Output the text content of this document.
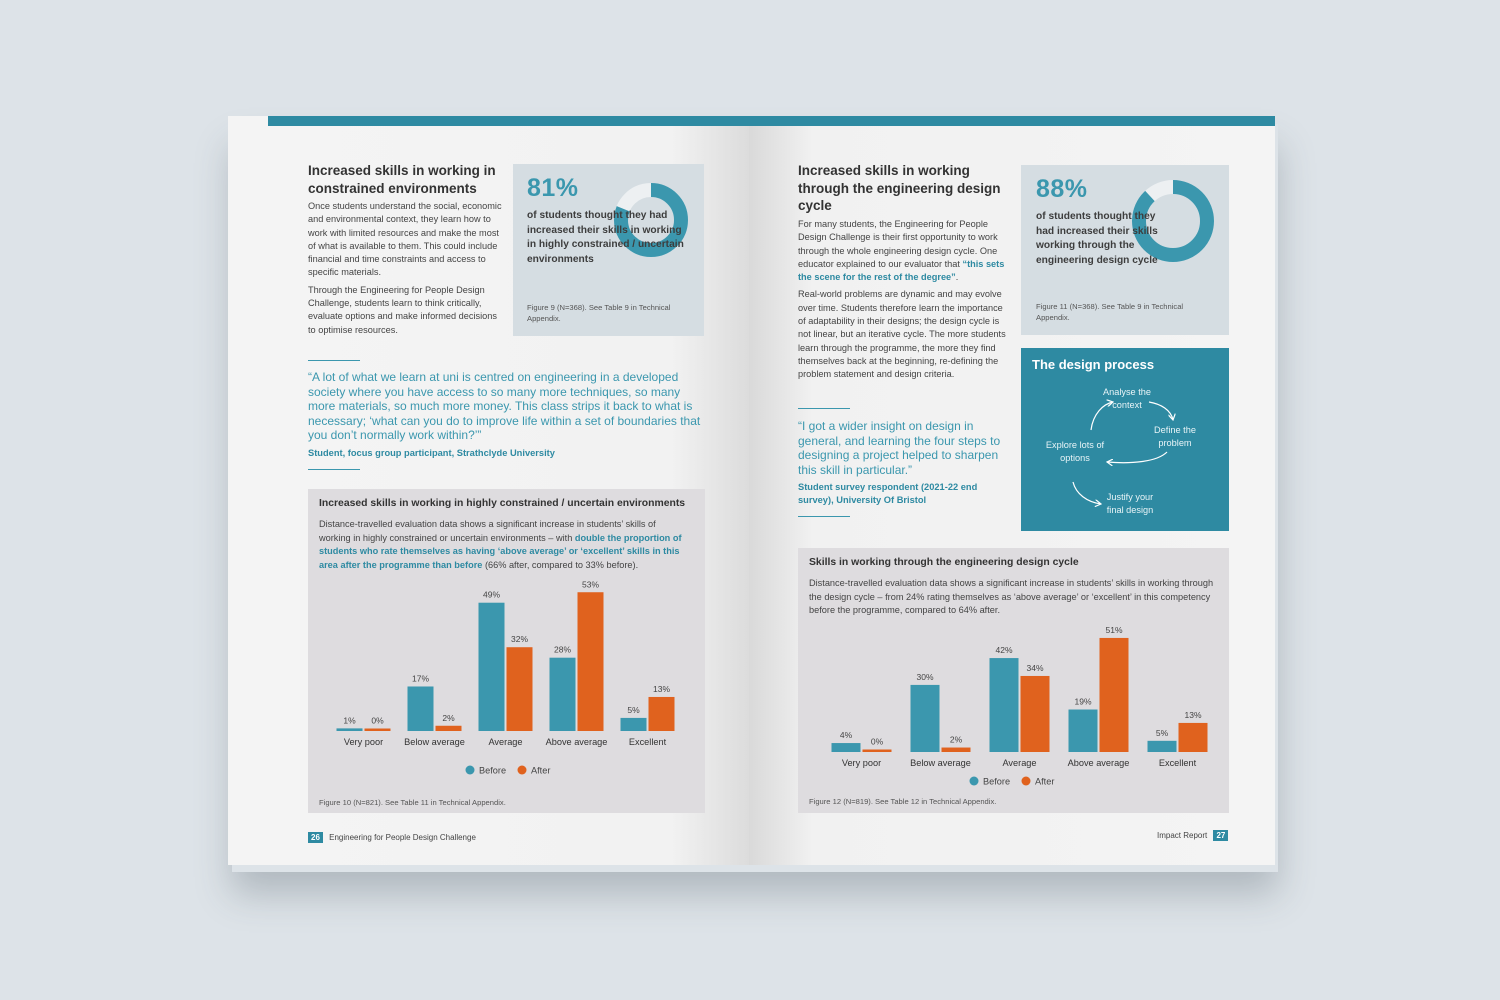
Increased skills in working in constrained environments

Once students understand the social, economic and environmental context, they learn how to work with limited resources and make the most of what is available to them. This could include financial and time constraints and access to specific materials.

Through the Engineering for People Design Challenge, students learn to think critically, evaluate options and make informed decisions to optimise resources.

81%
of students thought they had increased their skills in working in highly constrained / uncertain environments
Figure 9 (N=368). See Table 9 in Technical Appendix.
“A lot of what we learn at uni is centred on engineering in a developed society where you have access to so many more techniques, so many more materials, so much more money. This class strips it back to what is necessary; ‘what can you do to improve life within a set of boundaries that you don’t normally work within?’”
Student, focus group participant, Strathclyde University
Increased skills in working in highly constrained / uncertain environments
Distance-travelled evaluation data shows a significant increase in students’ skills of working in highly constrained or uncertain environments – with double the proportion of students who rate themselves as having ‘above average’ or ‘excellent’ skills in this area after the programme than before (66% after, compared to 33% before).
1% 0%
Very poor
17%
2%
Below average
49%
32%
Average
28%
53%
Above average
5%
13%
Excellent
Before	After
Figure 10 (N=821). See Table 11 in Technical Appendix.
26 Engineering for People Design Challenge
Increased skills in working through the engineering design cycle

For many students, the Engineering for People Design Challenge is their first opportunity to work through the whole engineering design cycle. One educator explained to our evaluator that “this sets the scene for the rest of the degree”.

Real-world problems are dynamic and may evolve over time. Students therefore learn the importance of adaptability in their designs; the design cycle is not linear, but an iterative cycle. The more students learn through the programme, the more they find themselves back at the beginning, re-defining the problem statement and design criteria.

“I got a wider insight on design in general, and learning the four steps to designing a project helped to sharpen this skill in particular.”
Student survey respondent (2021-22 end survey), University Of Bristol
88%
of students thought they had increased their skills working through the engineering design cycle
Figure 11 (N=368). See Table 9 in Technical Appendix.
The design process
Analyse the context
Define the problem
Justify your final design
Explore lots of options
Skills in working through the engineering design cycle
Distance-travelled evaluation data shows a significant increase in students’ skills in working through the design cycle – from 24% rating themselves as ‘above average’ or ‘excellent’ in this competency before the programme, compared to 64% after.
4%
0%
Very poor
30%
2%
Below average
42%
34%
Average
19%
51%
Above average
5%
13%
Excellent
Before	After
Figure 12 (N=819). See Table 12 in Technical Appendix.
Impact Report 27
